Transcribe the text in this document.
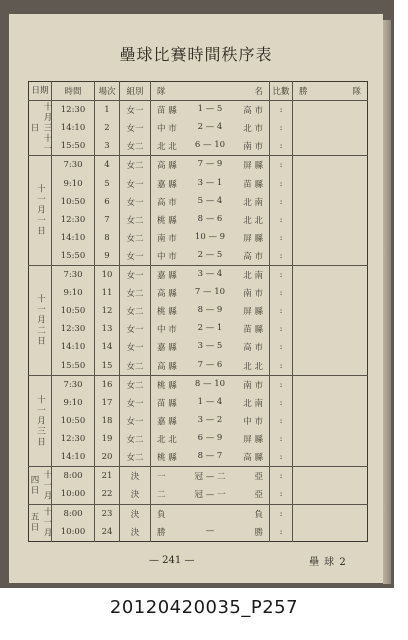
壘球比賽時間秩序表
日期	時間	場次	組別	隊 名	比數	勝 隊

十月三十一日	12:30	1	女一	苗 縣 1 — 5 高 市	:	
	14:10	2	女一	中 市 2 — 4 北 市	:	
	15:50	3	女二	北 北 6 — 10 南 市	:	
十一月一日	7:30	4	女二	高 縣 7 — 9 屏 縣	:	
	9:10	5	女一	嘉 縣 3 — 1 苗 縣	:	
	10:50	6	女一	高 市 5 — 4 北 南	:	
	12:30	7	女二	桃 縣 8 — 6 北 北	:	
	14:10	8	女二	南 市 10 — 9 屏 縣	:	
	15:50	9	女一	中 市 2 — 5 高 市	:	
十一月二日	7:30	10	女一	嘉 縣 3 — 4 北 南	:	
	9:10	11	女二	高 縣 7 — 10 南 市	:	
	10:50	12	女二	桃 縣 8 — 9 屏 縣	:	
	12:30	13	女一	中 市 2 — 1 苗 縣	:	
	14:10	14	女一	嘉 縣 3 — 5 高 市	:	
	15:50	15	女二	高 縣 7 — 6 北 北	:	
十一月三日	7:30	16	女二	桃 縣 8 — 10 南 市	:	
	9:10	17	女一	苗 縣 1 — 4 北 南	:	
	10:50	18	女一	嘉 縣 3 — 2 中 市	:	
	12:30	19	女二	北 北 6 — 9 屏 縣	:	
	14:10	20	女二	桃 縣 8 — 7 高 縣	:	
十一月四日	8:00	21	決	一 冠 — 二 亞	:	
	10:00	22	決	二 冠 — 一 亞	:	
十一月五日	8:00	23	決	負 負	:	
	10:00	24	決	勝 — 勝	:	
— 241 —	壘 球 2
20120420035_P257
